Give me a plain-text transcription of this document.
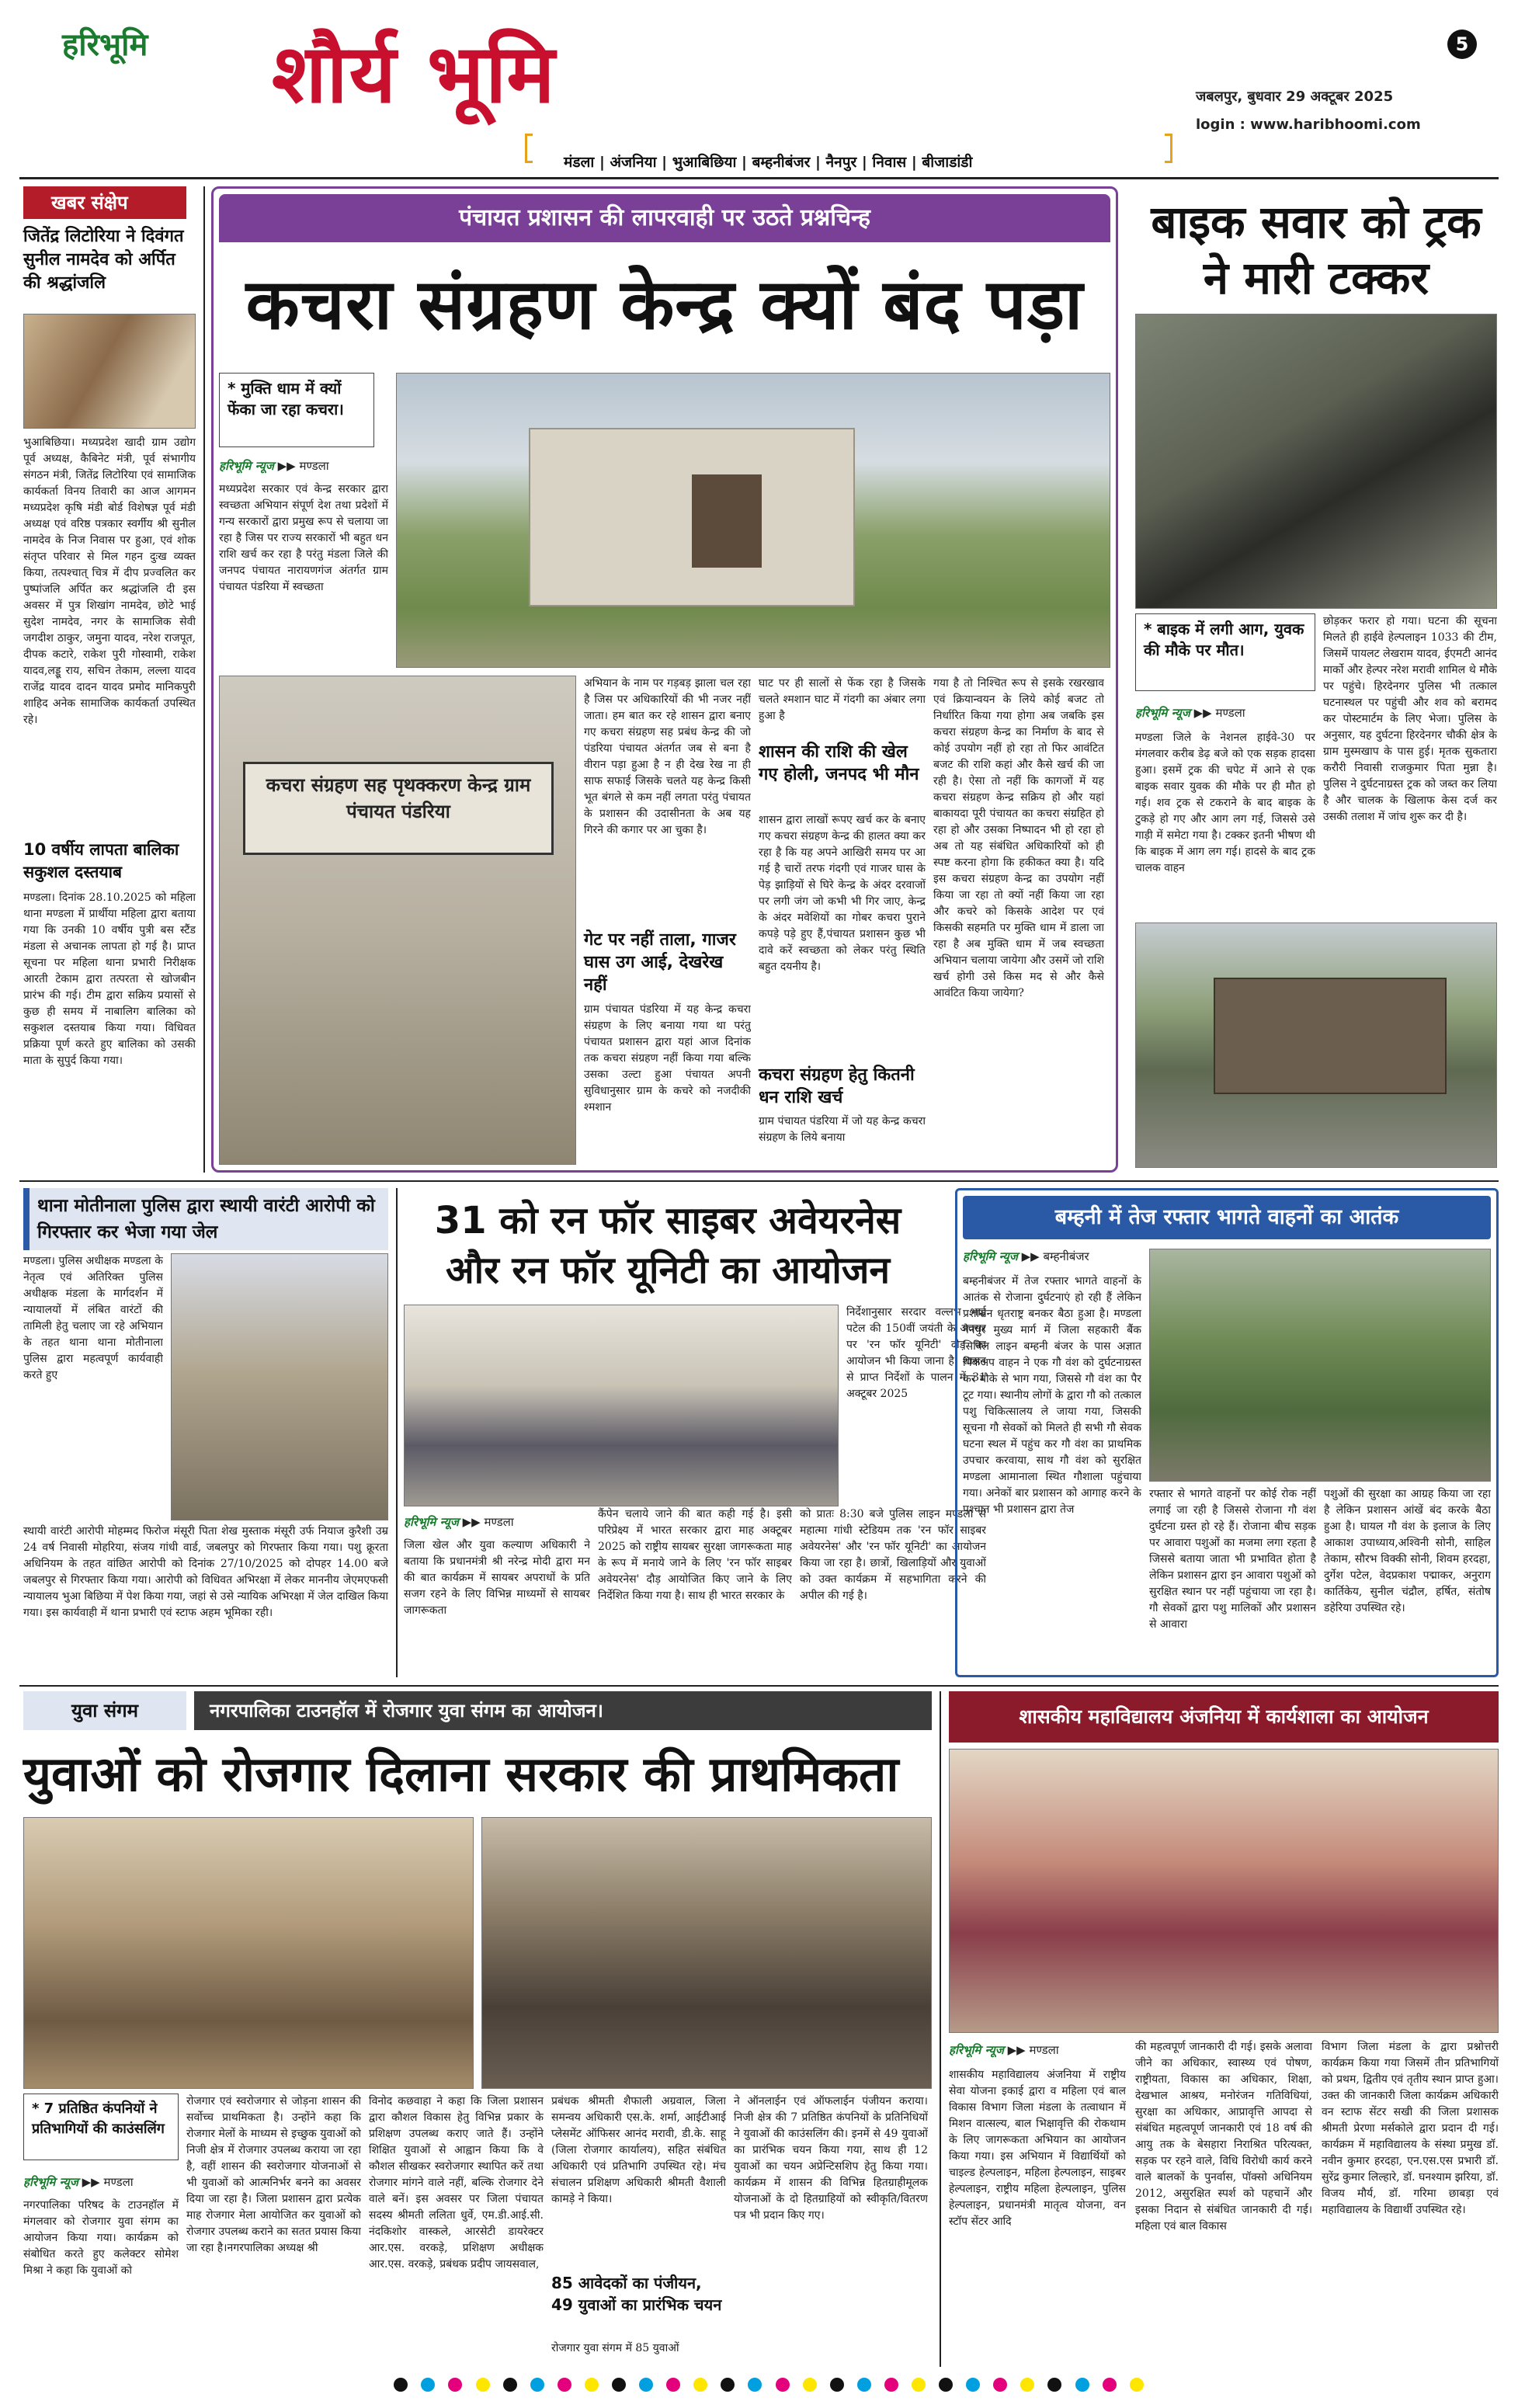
हरिभूमि शौर्य भूमि	5
जबलपुर, बुधवार 29 अक्टूबर 2025
login : www.haribhoomi.com
मंडला | अंजनिया | भुआबिछिया | बम्हनीबंजर | नैनपुर | निवास | बीजाडांडी
खबर संक्षेप
जितेंद्र लिटोरिया ने दिवंगत सुनील नामदेव को अर्पित की श्रद्धांजलि
भुआबिछिया। मध्यप्रदेश खादी ग्राम उद्योग पूर्व अध्यक्ष, कैबिनेट मंत्री, पूर्व संभागीय संगठन मंत्री, जितेंद्र लिटोरिया एवं सामाजिक कार्यकर्ता विनय तिवारी का आज आगमन मध्यप्रदेश कृषि मंडी बोर्ड विशेषज्ञ पूर्व मंडी अध्यक्ष एवं वरिष्ठ पत्रकार स्वर्गीय श्री सुनील नामदेव के निज निवास पर हुआ, एवं शोक संतृप्त परिवार से मिल गहन दुःख व्यक्त किया, तत्पश्चात् चित्र में दीप प्रज्वलित कर पुष्पांजलि अर्पित कर श्रद्धांजलि दी इस अवसर में पुत्र शिखांग नामदेव, छोटे भाई सुदेश नामदेव, नगर के सामाजिक सेवी जगदीश ठाकुर, जमुना यादव, नरेश राजपूत, दीपक कटारे, राकेश पुरी गोस्वामी, राकेश यादव,लड्डू राय, सचिन तेकाम, लल्ला यादव राजेंद्र यादव दादन यादव प्रमोद मानिकपुरी शाहिद अनेक सामाजिक कार्यकर्ता उपस्थित रहे।
10 वर्षीय लापता बालिका सकुशल दस्तयाब
मण्डला। दिनांक 28.10.2025 को महिला थाना मण्डला में प्रार्थीया महिला द्वारा बताया गया कि उनकी 10 वर्षीय पुत्री बस स्टैंड मंडला से अचानक लापता हो गई है। प्राप्त सूचना पर महिला थाना प्रभारी निरीक्षक आरती टेकाम द्वारा तत्परता से खोजबीन प्रारंभ की गई। टीम द्वारा सक्रिय प्रयासों से कुछ ही समय में नाबालिग बालिका को सकुशल दस्तयाब किया गया। विधिवत प्रक्रिया पूर्ण करते हुए बालिका को उसकी माता के सुपुर्द किया गया।
पंचायत प्रशासन की लापरवाही पर उठते प्रश्नचिन्ह
कचरा संग्रहण केन्द्र क्यों बंद पड़ा
* मुक्ति धाम में क्यों फेंका जा रहा कचरा।
हरिभूमि न्यूज ▶▶ मण्डला
मध्यप्रदेश सरकार एवं केन्द्र सरकार द्वारा स्वच्छता अभियान संपूर्ण देश तथा प्रदेशों में गन्य सरकारों द्वारा प्रमुख रूप से चलाया जा रहा है जिस पर राज्य सरकारों भी बहुत धन राशि खर्च कर रहा है परंतु मंडला जिले की जनपद पंचायत नारायणगंज अंतर्गत ग्राम पंचायत पंडरिया में स्वच्छता
कचरा संग्रहण सह पृथक्करण केन्द्र ग्राम पंचायत पंडरिया
अभियान के नाम पर गड़बड़ झाला चल रहा है जिस पर अधिकारियों की भी नजर नहीं जाता। हम बात कर रहे शासन द्वारा बनाए गए कचरा संग्रहण सह प्रबंध केन्द्र की जो पंडरिया पंचायत अंतर्गत जब से बना है वीरान पड़ा हुआ है न ही देख रेख ना ही साफ सफाई जिसके चलते यह केन्द्र किसी भूत बंगले से कम नहीं लगता परंतु पंचायत के प्रशासन की उदासीनता के अब यह गिरने की कगार पर आ चुका है।
गेट पर नहीं ताला, गाजर घास उग आई, देखरेख नहीं
ग्राम पंचायत पंडरिया में यह केन्द्र कचरा संग्रहण के लिए बनाया गया था परंतु पंचायत प्रशासन द्वारा यहां आज दिनांक तक कचरा संग्रहण नहीं किया गया बल्कि उसका उल्टा हुआ पंचायत अपनी सुविधानुसार ग्राम के कचरे को नजदीकी श्मशान
घाट पर ही सालों से फेंक रहा है जिसके चलते श्मशान घाट में गंदगी का अंबार लगा हुआ है
शासन की राशि की खेल गए होली, जनपद भी मौन
शासन द्वारा लाखों रूपए खर्च कर के बनाए गए कचरा संग्रहण केन्द्र की हालत क्या कर रहा है कि यह अपने आखिरी समय पर आ गई है चारों तरफ गंदगी एवं गाजर घास के पेड़ झाड़ियों से घिरे केन्द्र के अंदर दरवाजों पर लगी जंग जो कभी भी गिर जाए, केन्द्र के अंदर मवेशियों का गोबर कचरा पुराने कपड़े पड़े हुए हैं,पंचायत प्रशासन कुछ भी दावे करें स्वच्छता को लेकर परंतु स्थिति बहुत दयनीय है।
कचरा संग्रहण हेतु कितनी धन राशि खर्च
ग्राम पंचायत पंडरिया में जो यह केन्द्र कचरा संग्रहण के लिये बनाया
गया है तो निश्चित रूप से इसके रखरखाव एवं क्रियान्वयन के लिये कोई बजट तो निर्धारित किया गया होगा अब जबकि इस कचरा संग्रहण केन्द्र का निर्माण के बाद से कोई उपयोग नहीं हो रहा तो फिर आवंटित बजट की राशि कहां और कैसे खर्च की जा रही है। ऐसा तो नहीं कि कागजों में यह कचरा संग्रहण केन्द्र सक्रिय हो और यहां बाकायदा पूरी पंचायत का कचरा संग्रहित हो रहा हो और उसका निष्पादन भी हो रहा हो अब तो यह संबंधित अधिकारियों को ही स्पष्ट करना होगा कि हकीकत क्या है। यदि इस कचरा संग्रहण केन्द्र का उपयोग नहीं किया जा रहा तो क्यों नहीं किया जा रहा और कचरे को किसके आदेश पर एवं किसकी सहमति पर मुक्ति धाम में डाला जा रहा है अब मुक्ति धाम में जब स्वच्छता अभियान चलाया जायेगा और उसमें जो राशि खर्च होगी उसे किस मद से और कैसे आवंटित किया जायेगा?
बाइक सवार को ट्रक ने मारी टक्कर
* बाइक में लगी आग, युवक की मौके पर मौत।
हरिभूमि न्यूज ▶▶ मण्डला
मण्डला जिले के नेशनल हाईवे-30 पर मंगलवार करीब डेढ़ बजे को एक सड़क हादसा हुआ। इसमें ट्रक की चपेट में आने से एक बाइक सवार युवक की मौके पर ही मौत हो गई। शव ट्रक से टकराने के बाद बाइक के टुकड़े हो गए और आग लग गई, जिससे उसे गाड़ी में समेटा गया है। टक्कर इतनी भीषण थी कि बाइक में आग लग गई। हादसे के बाद ट्रक चालक वाहन
छोड़कर फरार हो गया। घटना की सूचना मिलते ही हाईवे हेल्पलाइन 1033 की टीम, जिसमें पायलट लेखराम यादव, ईएमटी आनंद मार्को और हेल्पर नरेश मरावी शामिल थे मौके पर पहुंचे। हिरदेनगर पुलिस भी तत्काल घटनास्थल पर पहुंची और शव को बरामद कर पोस्टमार्टम के लिए भेजा। पुलिस के अनुसार, यह दुर्घटना हिरदेनगर चौकी क्षेत्र के ग्राम मुस्मखाप के पास हुई। मृतक सुकतारा करौरी निवासी राजकुमार पिता मुन्ना है। पुलिस ने दुर्घटनाग्रस्त ट्रक को जब्त कर लिया है और चालक के खिलाफ केस दर्ज कर उसकी तलाश में जांच शुरू कर दी है।
थाना मोतीनाला पुलिस द्वारा स्थायी वारंटी आरोपी को गिरफ्तार कर भेजा गया जेल
मण्डला। पुलिस अधीक्षक मण्डला के नेतृत्व एवं अतिरिक्त पुलिस अधीक्षक मंडला के मार्गदर्शन में न्यायालयों में लंबित वारंटों की तामिली हेतु चलाए जा रहे अभियान के तहत थाना थाना मोतीनाला पुलिस द्वारा महत्वपूर्ण कार्यवाही करते हुए
स्थायी वारंटी आरोपी मोहम्मद फिरोज मंसूरी पिता शेख मुस्ताक मंसूरी उर्फ नियाज कुरैशी उम्र 24 वर्ष निवासी मोहरिया, संजय गांधी वार्ड, जबलपुर को गिरफ्तार किया गया। पशु क्रूरता अधिनियम के तहत वांछित आरोपी को दिनांक 27/10/2025 को दोपहर 14.00 बजे जबलपुर से गिरफ्तार किया गया। आरोपी को विधिवत अभिरक्षा में लेकर माननीय जेएमएफसी न्यायालय भुआ बिछिया में पेश किया गया, जहां से उसे न्यायिक अभिरक्षा में जेल दाखिल किया गया। इस कार्यवाही में थाना प्रभारी एवं स्टाफ अहम भूमिका रही।
31 को रन फॉर साइबर अवेयरनेस और रन फॉर यूनिटी का आयोजन
निर्देशानुसार सरदार वल्लभ भाई पटेल की 150वीं जयंती के अवसर पर 'रन फॉर यूनिटी' दौड़ का आयोजन भी किया जाना है। शासन से प्राप्त निर्देशों के पालन में 31 अक्टूबर 2025
हरिभूमि न्यूज ▶▶ मण्डला
जिला खेल और युवा कल्याण अधिकारी ने बताया कि प्रधानमंत्री श्री नरेन्द्र मोदी द्वारा मन की बात कार्यक्रम में सायबर अपराधों के प्रति सजग रहने के लिए विभिन्न माध्यमों से सायबर जागरूकता
कैंपेन चलाये जाने की बात कही गई है। इसी परिप्रेक्ष्य में भारत सरकार द्वारा माह अक्टूबर 2025 को राष्ट्रीय सायबर सुरक्षा जागरूकता माह के रूप में मनाये जाने के लिए 'रन फॉर साइबर अवेयरनेस' दौड़ आयोजित किए जाने के लिए निर्देशित किया गया है। साथ ही भारत सरकार के
को प्रातः 8:30 बजे पुलिस लाइन मण्डला से महात्मा गांधी स्टेडियम तक 'रन फॉर साइबर अवेयरनेस' और 'रन फॉर यूनिटी' का आयोजन किया जा रहा है। छात्रों, खिलाड़ियों और युवाओं को उक्त कार्यक्रम में सहभागिता करने की अपील की गई है।
बम्हनी में तेज रफ्तार भागते वाहनों का आतंक
हरिभूमि न्यूज ▶▶ बम्हनीबंजर
बम्हनीबंजर में तेज रफ्तार भागते वाहनों के आतंक से रोजाना दुर्घटनाएं हो रही हैं लेकिन प्रशासन धृतराष्ट्र बनकर बैठा हुआ है। मण्डला नैनपुर मुख्य मार्ग में जिला सहकारी बैंक सिविल लाइन बम्हनी बंजर के पास अज्ञात पिकअप वाहन ने एक गौ वंश को दुर्घटनाग्रस्त कर मौके से भाग गया, जिससे गौ वंश का पैर टूट गया। स्थानीय लोगों के द्वारा गौ को तत्काल पशु चिकित्सालय ले जाया गया, जिसकी सूचना गौ सेवकों को मिलते ही सभी गौ सेवक घटना स्थल में पहुंच कर गौ वंश का प्राथमिक उपचार करवाया, साथ गौ वंश को सुरक्षित मण्डला आमानाला स्थित गौशाला पहुंचाया गया। अनेकों बार प्रशासन को आगाह करने के पश्चात भी प्रशासन द्वारा तेज
रफ्तार से भागते वाहनों पर कोई रोक नहीं लगाई जा रही है जिससे रोजाना गौ वंश दुर्घटना ग्रस्त हो रहे हैं। रोजाना बीच सड़क पर आवारा पशुओं का मजमा लगा रहता है जिससे बताया जाता भी प्रभावित होता है लेकिन प्रशासन द्वारा इन आवारा पशुओं को सुरक्षित स्थान पर नहीं पहुंचाया जा रहा है। गौ सेवकों द्वारा पशु मालिकों और प्रशासन से आवारा
पशुओं की सुरक्षा का आग्रह किया जा रहा है लेकिन प्रशासन आंखें बंद करके बैठा हुआ है। घायल गौ वंश के इलाज के लिए आकाश उपाध्याय,अश्विनी सोनी, साहिल तेकाम, सौरभ विक्की सोनी, शिवम हरदहा, दुर्गेश पटेल, वेदप्रकाश पद्माकर, अनुराग कार्तिकेय, सुनील चंद्रौल, हर्षित, संतोष डहेरिया उपस्थित रहे।
युवा संगम	नगरपालिका टाउनहॉल में रोजगार युवा संगम का आयोजन।
युवाओं को रोजगार दिलाना सरकार की प्राथमिकता
* 7 प्रतिष्ठित कंपनियों ने प्रतिभागियों की काउंसलिंग
हरिभूमि न्यूज ▶▶ मण्डला
नगरपालिका परिषद के टाउनहॉल में मंगलवार को रोजगार युवा संगम का आयोजन किया गया। कार्यक्रम को संबोधित करते हुए कलेक्टर सोमेश मिश्रा ने कहा कि युवाओं को
रोजगार एवं स्वरोजगार से जोड़ना शासन की सर्वोच्च प्राथमिकता है। उन्होंने कहा कि रोजगार मेलों के माध्यम से इच्छुक युवाओं को निजी क्षेत्र में रोजगार उपलब्ध कराया जा रहा है, वहीं शासन की स्वरोजगार योजनाओं से भी युवाओं को आत्मनिर्भर बनने का अवसर दिया जा रहा है। जिला प्रशासन द्वारा प्रत्येक माह रोजगार मेला आयोजित कर युवाओं को रोजगार उपलब्ध कराने का सतत प्रयास किया जा रहा है।नगरपालिका अध्यक्ष श्री
विनोद कछवाहा ने कहा कि जिला प्रशासन द्वारा कौशल विकास हेतु विभिन्न प्रकार के प्रशिक्षण उपलब्ध कराए जाते हैं। उन्होंने शिक्षित युवाओं से आह्वान किया कि वे कौशल सीखकर स्वरोजगार स्थापित करें तथा रोजगार मांगने वाले नहीं, बल्कि रोजगार देने वाले बनें। इस अवसर पर जिला पंचायत सदस्य श्रीमती ललिता धुर्वे, एम.डी.आई.सी. नंदकिशोर वास्कले, आरसेटी डायरेक्टर आर.एस. वरकड़े, प्रशिक्षण अधीक्षक आर.एस. वरकड़े, प्रबंधक प्रदीप जायसवाल,
प्रबंधक श्रीमती शैफाली अग्रवाल, जिला समन्वय अधिकारी एस.के. शर्मा, आईटीआई प्लेसमेंट ऑफिसर आनंद मरावी, डी.के. साहू (जिला रोजगार कार्यालय), सहित संबंधित अधिकारी एवं प्रतिभागि उपस्थित रहे। मंच संचालन प्रशिक्षण अधिकारी श्रीमती वैशाली कामड़े ने किया।
85 आवेदकों का पंजीयन, 49 युवाओं का प्रारंभिक चयन
रोजगार युवा संगम में 85 युवाओं
ने ऑनलाईन एवं ऑफलाईन पंजीयन कराया। निजी क्षेत्र की 7 प्रतिष्ठित कंपनियों के प्रतिनिधियों ने युवाओं की काउंसलिंग की। इनमें से 49 युवाओं का प्रारंभिक चयन किया गया, साथ ही 12 युवाओं का चयन अप्रेन्टिसशिप हेतु किया गया। कार्यक्रम में शासन की विभिन्न हितग्राहीमूलक योजनाओं के दो हितग्राहियों को स्वीकृति/वितरण पत्र भी प्रदान किए गए।
शासकीय महाविद्यालय अंजनिया में कार्यशाला का आयोजन
हरिभूमि न्यूज ▶▶ मण्डला
शासकीय महाविद्यालय अंजनिया में राष्ट्रीय सेवा योजना इकाई द्वारा व महिला एवं बाल विकास विभाग जिला मंडला के तत्वाधान में मिशन वात्सल्य, बाल भिक्षावृत्ति की रोकथाम के लिए जागरूकता अभियान का आयोजन किया गया। इस अभियान में विद्यार्थियों को चाइल्ड हेल्पलाइन, महिला हेल्पलाइन, साइबर हेल्पलाइन, राष्ट्रीय महिला हेल्पलाइन, पुलिस हेल्पलाइन, प्रधानमंत्री मातृत्व योजना, वन स्टॉप सेंटर आदि
की महत्वपूर्ण जानकारी दी गई। इसके अलावा जीने का अधिकार, स्वास्थ्य एवं पोषण, राष्ट्रीयता, विकास का अधिकार, शिक्षा, देखभाल आश्रय, मनोरंजन गतिविधियां, सुरक्षा का अधिकार, आप्रावृत्ति आपदा से संबंधित महत्वपूर्ण जानकारी एवं 18 वर्ष की आयु तक के बेसहारा निराश्रित परित्यक्त, सड़क पर रहने वाले, विधि विरोधी कार्य करने वाले बालकों के पुनर्वास, पॉक्सो अधिनियम 2012, असुरक्षित स्पर्श को पहचानें और इसका निदान से संबंधित जानकारी दी गई। महिला एवं बाल विकास
विभाग जिला मंडला के द्वारा प्रश्नोत्तरी कार्यक्रम किया गया जिसमें तीन प्रतिभागियों को प्रथम, द्वितीय एवं तृतीय स्थान प्राप्त हुआ। उक्त की जानकारी जिला कार्यक्रम अधिकारी वन स्टाफ सेंटर सखी की जिला प्रशासक श्रीमती प्रेरणा मर्सकोले द्वारा प्रदान दी गई। कार्यक्रम में महाविद्यालय के संस्था प्रमुख डॉ. नवीन कुमार हरदहा, एन.एस.एस प्रभारी डॉ. सुरेंद्र कुमार लिल्हारे, डॉ. घनश्याम झरिया, डॉ. विजय मौर्य, डॉ. गरिमा छाबड़ा एवं महाविद्यालय के विद्यार्थी उपस्थित रहे।
